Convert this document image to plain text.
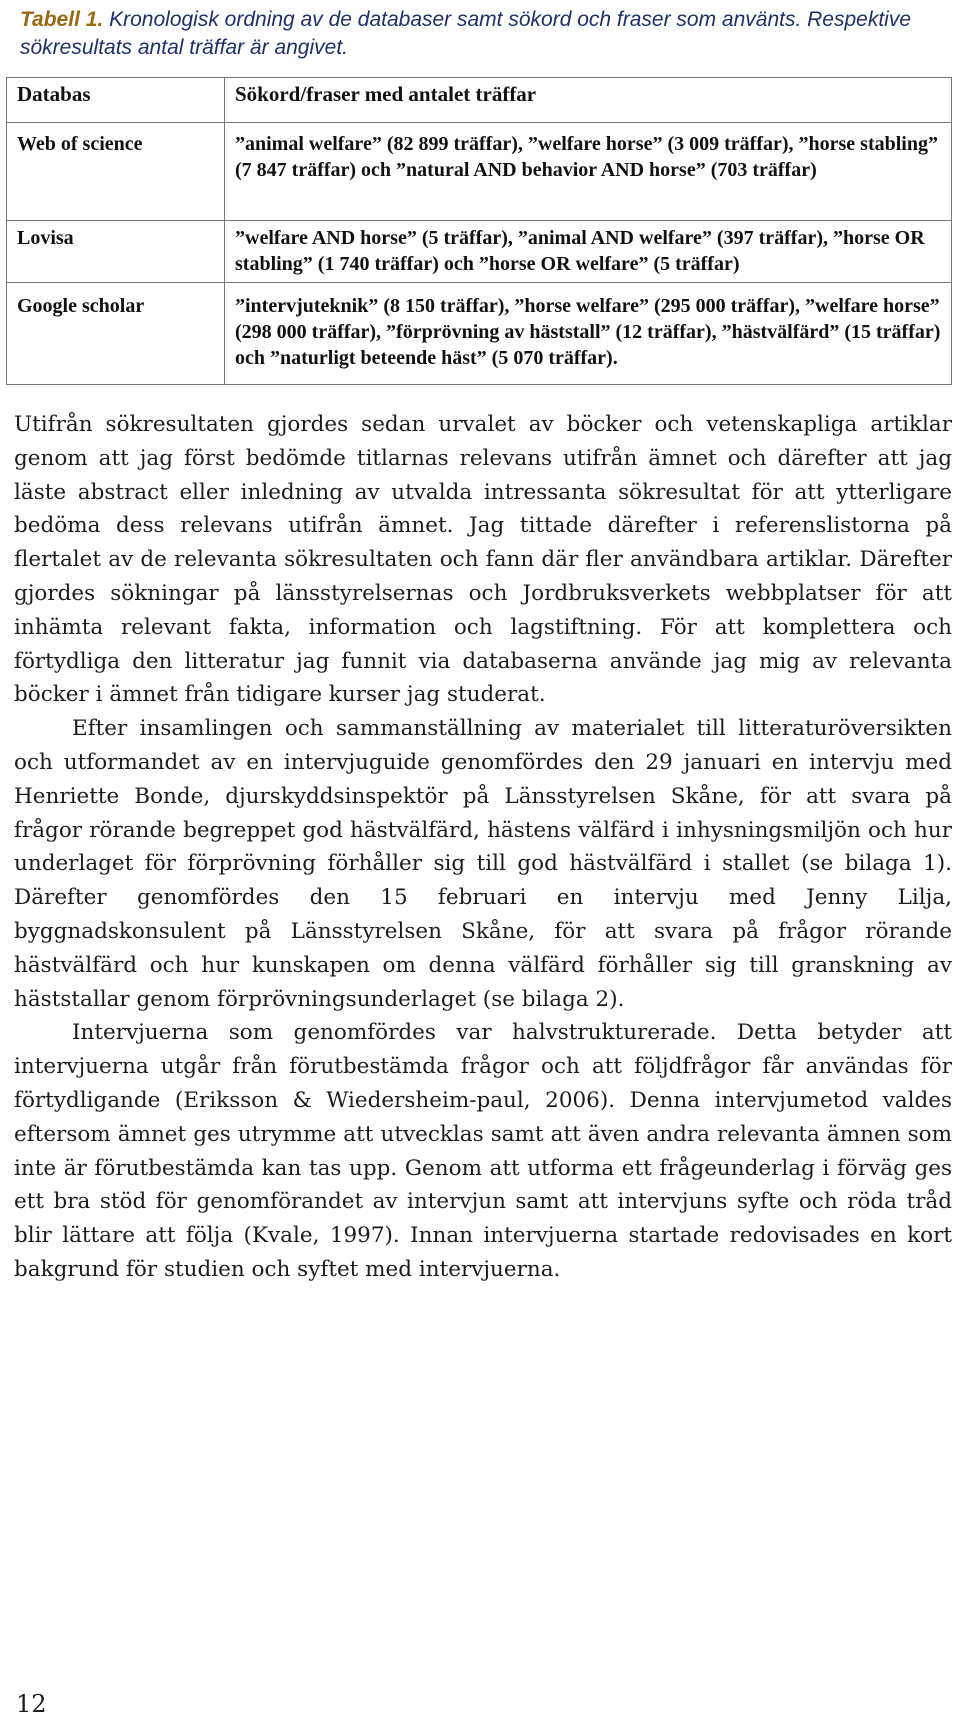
Tabell 1. Kronologisk ordning av de databaser samt sökord och fraser som använts. Respektive sökresultats antal träffar är angivet.
Databas	Sökord/fraser med antalet träffar
Web of science	”animal welfare” (82 899 träffar), ”welfare horse” (3 009 träffar), ”horse stabling” (7 847 träffar) och ”natural AND behavior AND horse” (703 träffar)
Lovisa	”welfare AND horse” (5 träffar), ”animal AND welfare” (397 träffar), ”horse OR stabling” (1 740 träffar) och ”horse OR welfare” (5 träffar)
Google scholar	”intervjuteknik” (8 150 träffar), ”horse welfare” (295 000 träffar), ”welfare horse” (298 000 träffar), ”förprövning av häststall” (12 träffar), ”hästvälfärd” (15 träffar) och ”naturligt beteende häst” (5 070 träffar).

Utifrån sökresultaten gjordes sedan urvalet av böcker och vetenskapliga artiklar genom att jag först bedömde titlarnas relevans utifrån ämnet och därefter att jag läste abstract eller inledning av utvalda intressanta sökresultat för att ytterligare bedöma dess relevans utifrån ämnet. Jag tittade därefter i referenslistorna på flertalet av de relevanta sökresultaten och fann där fler användbara artiklar. Därefter gjordes sökningar på länsstyrelsernas och Jordbruksverkets webbplatser för att inhämta relevant fakta, information och lagstiftning. För att komplettera och förtydliga den litteratur jag funnit via databaserna använde jag mig av relevanta böcker i ämnet från tidigare kurser jag studerat.

Efter insamlingen och sammanställning av materialet till litteraturöversikten och utformandet av en intervjuguide genomfördes den 29 januari en intervju med Henriette Bonde, djurskyddsinspektör på Länsstyrelsen Skåne, för att svara på frågor rörande begreppet god hästvälfärd, hästens välfärd i inhysningsmiljön och hur underlaget för förprövning förhåller sig till god hästvälfärd i stallet (se bilaga 1). Därefter genomfördes den 15 februari en intervju med Jenny Lilja, byggnadskonsulent på Länsstyrelsen Skåne, för att svara på frågor rörande hästvälfärd och hur kunskapen om denna välfärd förhåller sig till granskning av häststallar genom förprövningsunderlaget (se bilaga 2).

Intervjuerna som genomfördes var halvstrukturerade. Detta betyder att intervjuerna utgår från förutbestämda frågor och att följdfrågor får användas för förtydligande (Eriksson & Wiedersheim-paul, 2006). Denna intervjumetod valdes eftersom ämnet ges utrymme att utvecklas samt att även andra relevanta ämnen som inte är förutbestämda kan tas upp. Genom att utforma ett frågeunderlag i förväg ges ett bra stöd för genomförandet av intervjun samt att intervjuns syfte och röda tråd blir lättare att följa (Kvale, 1997). Innan intervjuerna startade redovisades en kort bakgrund för studien och syftet med intervjuerna.

12
